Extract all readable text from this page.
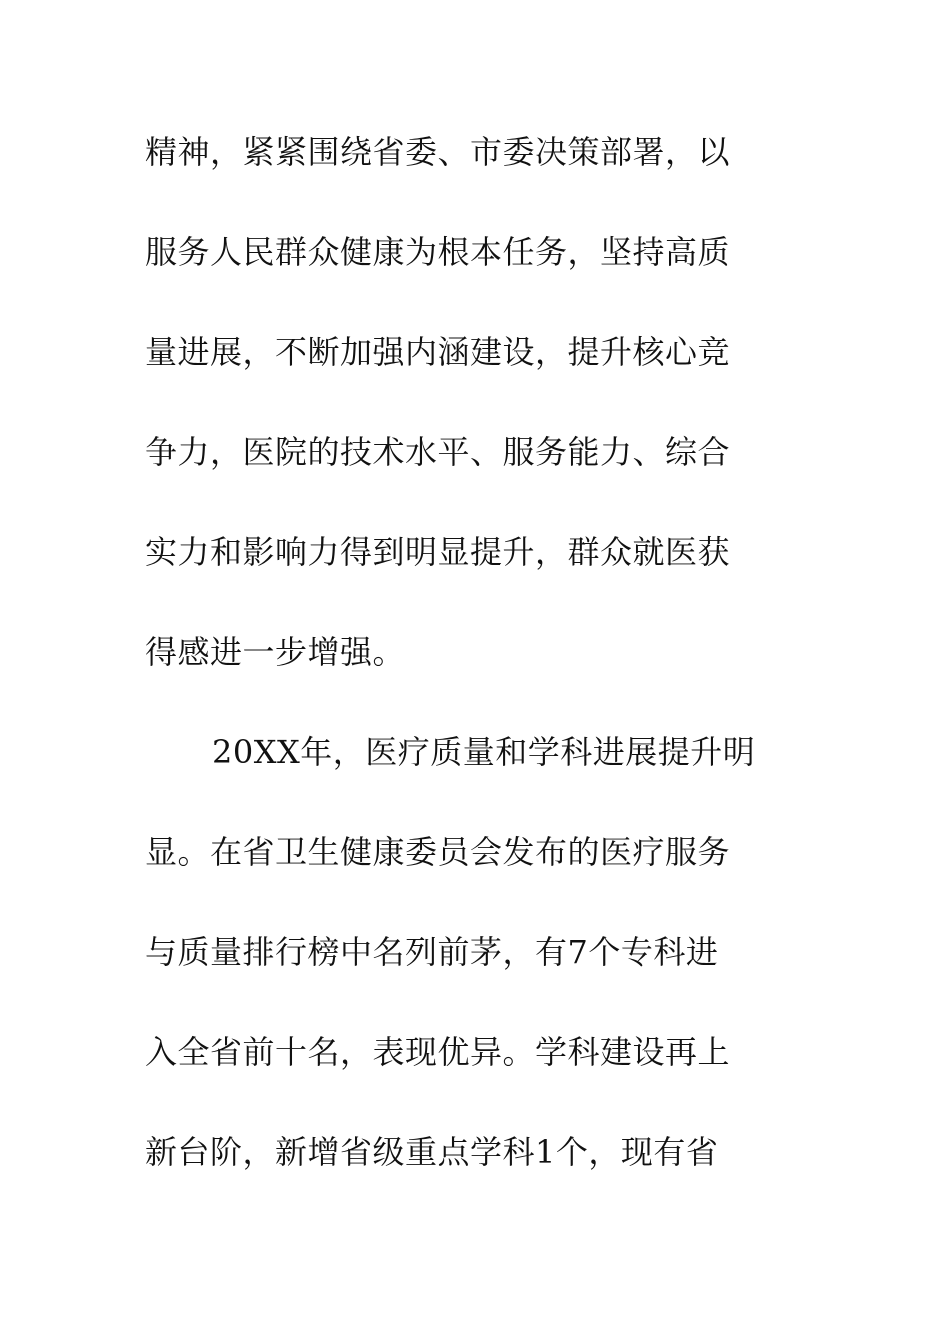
精神，紧紧围绕省委、市委决策部署，以
服务人民群众健康为根本任务，坚持高质
量进展，不断加强内涵建设，提升核心竞
争力，医院的技术水平、服务能力、综合
实力和影响力得到明显提升，群众就医获
得感进一步增强。
20XX年，医疗质量和学科进展提升明
显。在省卫生健康委员会发布的医疗服务
与质量排行榜中名列前茅，有7个专科进
入全省前十名，表现优异。学科建设再上
新台阶，新增省级重点学科1个，现有省
